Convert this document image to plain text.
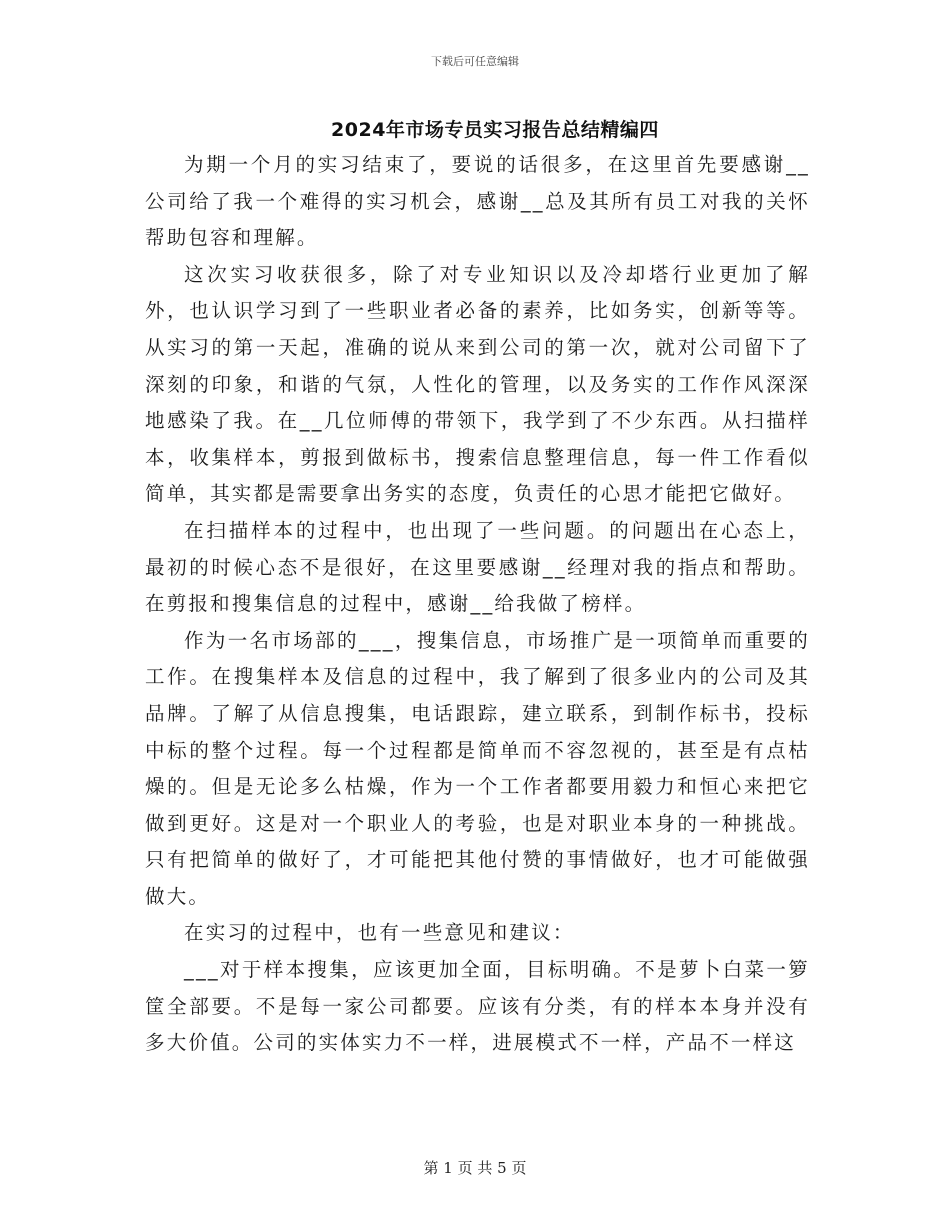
下载后可任意编辑
2024年市场专员实习报告总结精编四

为期一个月的实习结束了，要说的话很多，在这里首先要感谢__公司给了我一个难得的实习机会，感谢__总及其所有员工对我的关怀帮助包容和理解。

这次实习收获很多，除了对专业知识以及冷却塔行业更加了解外，也认识学习到了一些职业者必备的素养，比如务实，创新等等。从实习的第一天起，准确的说从来到公司的第一次，就对公司留下了深刻的印象，和谐的气氛，人性化的管理，以及务实的工作作风深深地感染了我。在__几位师傅的带领下，我学到了不少东西。从扫描样本，收集样本，剪报到做标书，搜索信息整理信息，每一件工作看似简单，其实都是需要拿出务实的态度，负责任的心思才能把它做好。

在扫描样本的过程中，也出现了一些问题。的问题出在心态上，最初的时候心态不是很好，在这里要感谢__经理对我的指点和帮助。在剪报和搜集信息的过程中，感谢__给我做了榜样。

作为一名市场部的___，搜集信息，市场推广是一项简单而重要的工作。在搜集样本及信息的过程中，我了解到了很多业内的公司及其品牌。了解了从信息搜集，电话跟踪，建立联系，到制作标书，投标中标的整个过程。每一个过程都是简单而不容忽视的，甚至是有点枯燥的。但是无论多么枯燥，作为一个工作者都要用毅力和恒心来把它做到更好。这是对一个职业人的考验，也是对职业本身的一种挑战。只有把简单的做好了，才可能把其他付赞的事情做好，也才可能做强做大。

在实习的过程中，也有一些意见和建议：

___对于样本搜集，应该更加全面，目标明确。不是萝卜白菜一箩筐全部要。不是每一家公司都要。应该有分类，有的样本本身并没有多大价值。公司的实体实力不一样，进展模式不一样，产品不一样这

第 1 页 共 5 页
